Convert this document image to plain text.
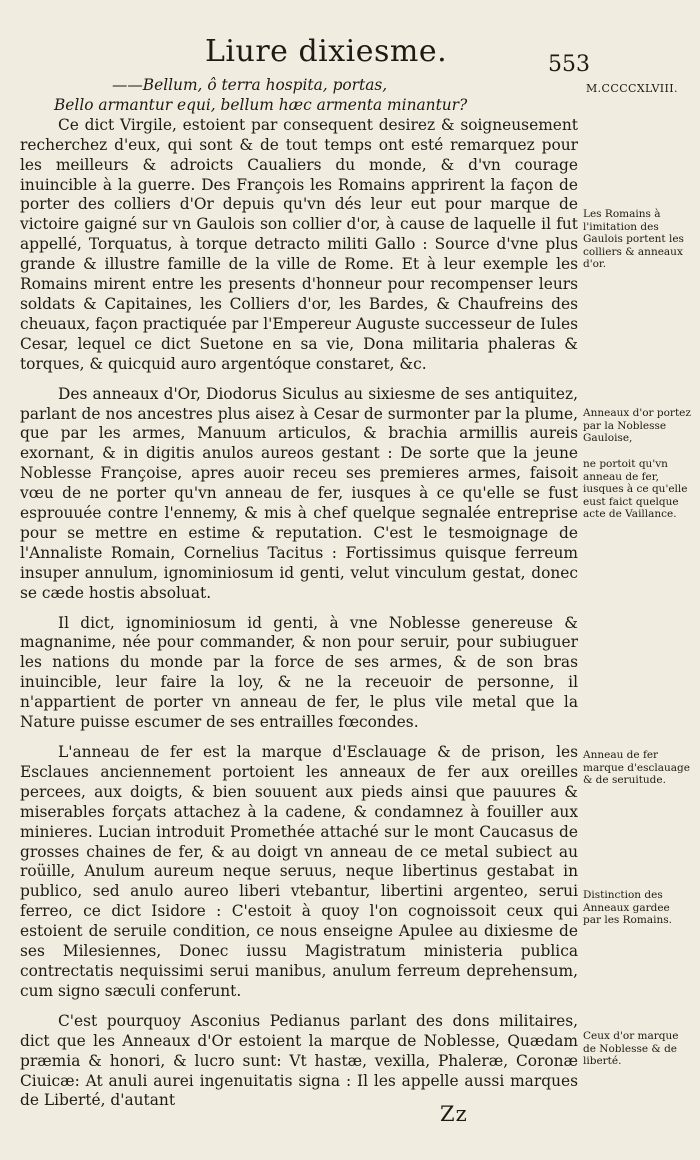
Liure dixiesme.	553
M.CCCCXLVIII.

——Bellum, ô terra hospita, portas,

Bello armantur equi, bellum hæc armenta minantur?

Ce dict Virgile, estoient par consequent desirez & soigneusement recherchez d'eux, qui sont & de tout temps ont esté remarquez pour les meilleurs & adroicts Caualiers du monde, & d'vn courage inuincible à la guerre. Des François les Romains apprirent la façon de porter des colliers d'Or depuis qu'vn dés leur eut pour marque de victoire gaigné sur vn Gaulois son collier d'or, à cause de laquelle il fut appellé, Torquatus, à torque detracto militi Gallo : Source d'vne plus grande & illustre famille de la ville de Rome. Et à leur exemple les Romains mirent entre les presents d'honneur pour recompenser leurs soldats & Capitaines, les Colliers d'or, les Bardes, & Chaufreins des cheuaux, façon practiquée par l'Empereur Auguste successeur de Iules Cesar, lequel ce dict Suetone en sa vie, Dona militaria phaleras & torques, & quicquid auro argentóque constaret, &c.

Des anneaux d'Or, Diodorus Siculus au sixiesme de ses antiquitez, parlant de nos ancestres plus aisez à Cesar de surmonter par la plume, que par les armes, Manuum articulos, & brachia armillis aureis exornant, & in digitis anulos aureos gestant : De sorte que la jeune Noblesse Françoise, apres auoir receu ses premieres armes, faisoit vœu de ne porter qu'vn anneau de fer, iusques à ce qu'elle se fust esprouuée contre l'ennemy, & mis à chef quelque segnalée entreprise pour se mettre en estime & reputation. C'est le tesmoignage de l'Annaliste Romain, Cornelius Tacitus : Fortissimus quisque ferreum insuper annulum, ignominiosum id genti, velut vinculum gestat, donec se cæde hostis absoluat.

Il dict, ignominiosum id genti, à vne Noblesse genereuse & magnanime, née pour commander, & non pour seruir, pour subiuguer les nations du monde par la force de ses armes, & de son bras inuincible, leur faire la loy, & ne la receuoir de personne, il n'appartient de porter vn anneau de fer, le plus vile metal que la Nature puisse escumer de ses entrailles fœcondes.

L'anneau de fer est la marque d'Esclauage & de prison, les Esclaues anciennement portoient les anneaux de fer aux oreilles percees, aux doigts, & bien souuent aux pieds ainsi que pauures & miserables forçats attachez à la cadene, & condamnez à fouiller aux minieres. Lucian introduit Promethée attaché sur le mont Caucasus de grosses chaines de fer, & au doigt vn anneau de ce metal subiect au roüille, Anulum aureum neque seruus, neque libertinus gestabat in publico, sed anulo aureo liberi vtebantur, libertini argenteo, serui ferreo, ce dict Isidore : C'estoit à quoy l'on cognoissoit ceux qui estoient de seruile condition, ce nous enseigne Apulee au dixiesme de ses Milesiennes, Donec iussu Magistratum ministeria publica contrectatis nequissimi serui manibus, anulum ferreum deprehensum, cum signo sæculi conferunt.

C'est pourquoy Asconius Pedianus parlant des dons militaires, dict que les Anneaux d'Or estoient la marque de Noblesse, Quædam præmia & honori, & lucro sunt: Vt hastæ, vexilla, Phaleræ, Coronæ Ciuicæ: At anuli aurei ingenuitatis signa : Il les appelle aussi marques de Liberté, d'autant

Les Romains à l'imitation des Gaulois portent les colliers & anneaux d'or.
Anneaux d'or portez par la Noblesse Gauloise,
ne portoit qu'vn anneau de fer, iusques à ce qu'elle eust faict quelque acte de Vaillance.
Anneau de fer marque d'esclauage & de seruitude.
Distinction des Anneaux gardee par les Romains.
Ceux d'or marque de Noblesse & de liberté.
Zz
